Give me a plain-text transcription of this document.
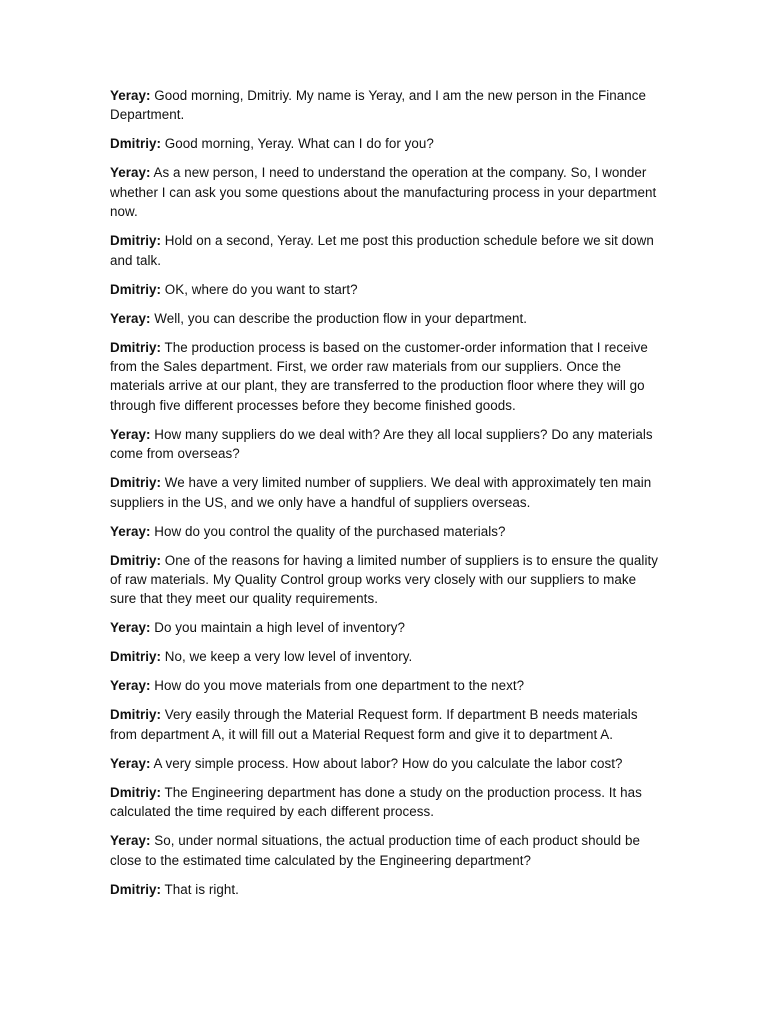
Yeray: Good morning, Dmitriy. My name is Yeray, and I am the new person in the Finance Department.

Dmitriy: Good morning, Yeray. What can I do for you?

Yeray: As a new person, I need to understand the operation at the company. So, I wonder whether I can ask you some questions about the manufacturing process in your department now.

Dmitriy: Hold on a second, Yeray. Let me post this production schedule before we sit down and talk.

Dmitriy: OK, where do you want to start?

Yeray: Well, you can describe the production flow in your department.

Dmitriy: The production process is based on the customer-order information that I receive from the Sales department. First, we order raw materials from our suppliers. Once the materials arrive at our plant, they are transferred to the production floor where they will go through five different processes before they become finished goods.

Yeray: How many suppliers do we deal with? Are they all local suppliers? Do any materials come from overseas?

Dmitriy: We have a very limited number of suppliers. We deal with approximately ten main suppliers in the US, and we only have a handful of suppliers overseas.

Yeray: How do you control the quality of the purchased materials?

Dmitriy: One of the reasons for having a limited number of suppliers is to ensure the quality of raw materials. My Quality Control group works very closely with our suppliers to make sure that they meet our quality requirements.

Yeray: Do you maintain a high level of inventory?

Dmitriy: No, we keep a very low level of inventory.

Yeray: How do you move materials from one department to the next?

Dmitriy: Very easily through the Material Request form. If department B needs materials from department A, it will fill out a Material Request form and give it to department A.

Yeray: A very simple process. How about labor? How do you calculate the labor cost?

Dmitriy: The Engineering department has done a study on the production process. It has calculated the time required by each different process.

Yeray: So, under normal situations, the actual production time of each product should be close to the estimated time calculated by the Engineering department?

Dmitriy: That is right.
